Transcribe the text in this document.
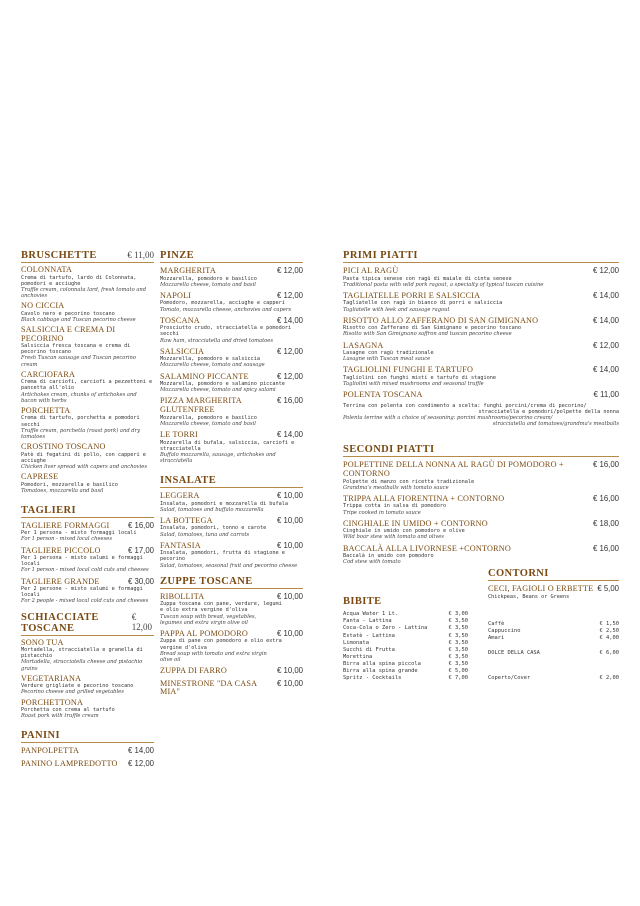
BRUSCHETTE	€ 11,00
COLONNATA
Crema di tartufo, lardo di Colonnata, pomodori e acciughe
Truffle cream, colonnata lard, fresh tomato and anchovies
NO CICCIA
Cavolo nero e pecorino toscano
Black cabbage and Tuscan pecorino cheese
SALSICCIA E CREMA DI PECORINO
Salsiccia fresca toscana e crema di pecorino toscano
Fresh Tuscan sausage and Tuscan pecorino cream
CARCIOFARA
Crema di carciofi, carciofi a pezzettoni e pancetta all'olio
Artichokes cream, chunks of artichokes and bacon with herbs
PORCHETTA
Crema di tartufo, porchetta e pomodori secchi
Truffle cream, porchetta (roast pork) and dry tomatoes
CROSTINO TOSCANO
Patè di fegatini di pollo, con capperi e acciughe
Chicken liver spread with capers and anchovies
CAPRESE
Pomodori, mozzarella e basilico
Tomatoes, mozzarella and basil
TAGLIERI
TAGLIERE FORMAGGI € 16,00
Per 1 persona - misto formaggi locali
For 1 person - mixed local cheeses
TAGLIERE PICCOLO	€ 17,00
Per 1 persona - misto salumi e formaggi locali
For 1 person - mixed local cold cuts and cheeses
TAGLIERE GRANDE	€ 30,00
Per 2 persone - misto salumi e formaggi locali
For 2 people - mixed local cold cuts and cheeses
SCHIACCIATE TOSCANE
€ 12,00
SONO TUA
Mortadella, stracciatella e granella di pistacchio
Mortadella, stracciatella cheese and pistachio grains
VEGETARIANA
Verdure grigliate e pecorino toscano
Pecorino cheese and grilled vegetables
PORCHETTONA
Porchetta con crema al tartufo
Roast pork with truffle cream
PANINI
PANPOLPETTA	€ 14,00
PANINO LAMPREDOTTO € 12,00
PINZE
MARGHERITA	€ 12,00
Mozzarella, pomodoro e basilico
Mozzarella cheese, tomato and basil
NAPOLI	€ 12,00
Pomodoro, mozzarella, acciughe e capperi
Tomato, mozzarella cheese, anchovies and capers
TOSCANA	€ 14,00
Prosciutto crudo, stracciatella e pomodori secchi
Raw ham, stracciatella and dried tomatoes
SALSICCIA	€ 12,00
Mozzarella, pomodoro e salsiccia
Mozzarella cheese, tomato and sausage
SALAMINO PICCANTE	€ 12,00
Mozzarella, pomodoro e salamino piccante
Mozzarella cheese, tomato and spicy salami
PIZZA MARGHERITA GLUTENFREE
€ 16,00
Mozzarella, pomodoro e basilico
Mozzarella cheese, tomato and basil
LE TORRI	€ 14,00
Mozzarella di bufala, salsiccia, carciofi e stracciatella
Buffalo mozzarella, sausage, artichokes and stracciatella
INSALATE
LEGGERA	€ 10,00
Insalata, pomodori e mozzarella di bufala
Salad, tomatoes and buffalo mozzarella
LA BOTTEGA	€ 10,00
Insalata, pomodori, tonno e carote
Salad, tomatoes, tuna and carrots
FANTASIA	€ 10,00
Insalata, pomodori, frutta di stagione e pecorino
Salad, tomatoes, seasonal fruit and pecorino cheese
ZUPPE TOSCANE
RIBOLLITA	€ 10,00
Zuppa toscana con pane, verdure, legumi
e olio extra vergine d'oliva
Tuscan soup with bread, vegetables,
legumes and extra virgin olive oil
PAPPA AL POMODORO	€ 10,00
Zuppa di pane con pomodoro e olio extra
vergine d'oliva
Bread soup with tomato and extra virgin
olive oil
ZUPPA DI FARRO	€ 10,00
MINESTRONE "DA CASA MIA"
€ 10,00
PRIMI PIATTI
PICI AL RAGÙ	€ 12,00
Pasta tipica senese con ragù di maiale di cinta senese
Traditional pasta with wild pork ragout, a specialty of typical tuscan cuisine
TAGLIATELLE PORRI E SALSICCIA	€ 14,00
Tagliatelle con ragù in bianco di porri e salsiccia
Tagliatelle with leek and sausage ragout
RISOTTO ALLO ZAFFERANO DI SAN GIMIGNANO	€ 14,00
Risotto con Zafferano di San Gimignano e pecorino toscano
Risotto with San Gimignano saffron and tuscan pecorino cheese
LASAGNA	€ 12,00
Lasagne con ragù tradizionale
Lasagne with Tuscan meat sauce
TAGLIOLINI FUNGHI E TARTUFO	€ 14,00
Tagliolini con funghi misti e tartufo di stagione
Tagliolini with mixed mushrooms and seasonal truffle
POLENTA TOSCANA	€ 11,00
Terrina con polenta con condimento a scelta: funghi porcini/crema di pecorino/
stracciatella e pomodori/polpette della nonna
Polenta terrine with a choice of seasoning: porcini mushrooms/pecorino cream/
stracciatella and tomatoes/grandma's meatballs
SECONDI PIATTI
POLPETTINE DELLA NONNA AL RAGÙ DI POMODORO + CONTORNO
€ 16,00
Polpette di manzo con ricetta tradizionale
Grandma's meatballs with tomato sauce
TRIPPA ALLA FIORENTINA + CONTORNO	€ 16,00
Trippa cotta in salsa di pomodoro
Tripe cooked in tomato sauce
CINGHIALE IN UMIDO + CONTORNO	€ 18,00
Cinghiale in umido con pomodoro e olive
Wild boar stew with tomato and olives
BACCALÀ ALLA LIVORNESE +CONTORNO	€ 16,00
Baccalà in umido con pomodoro
Cod stew with tomato
CONTORNI
CECI, FAGIOLI O ERBETTE € 5,00
Chickpeas, Beans or Greens
Caffè	€ 1,50
Cappuccino	€ 2,50
Amari	€ 4,00
DOLCE DELLA CASA	€ 6,00
Coperto/Cover	€ 2,00
BIBITE
Acqua Water 1 Lt.	€ 3,00
Fanta - Lattina	€ 3,50
Coca-Cola o Zero - Lattina	€ 3,50
Estatè - Lattina	€ 3,50
Limonata	€ 3,50
Succhi di Frutta	€ 3,50
Morettina	€ 3,50
Birra alla spina piccola	€ 3,50
Birra alla spina grande	€ 5,00
Spritz - Cocktails	€ 7,00
